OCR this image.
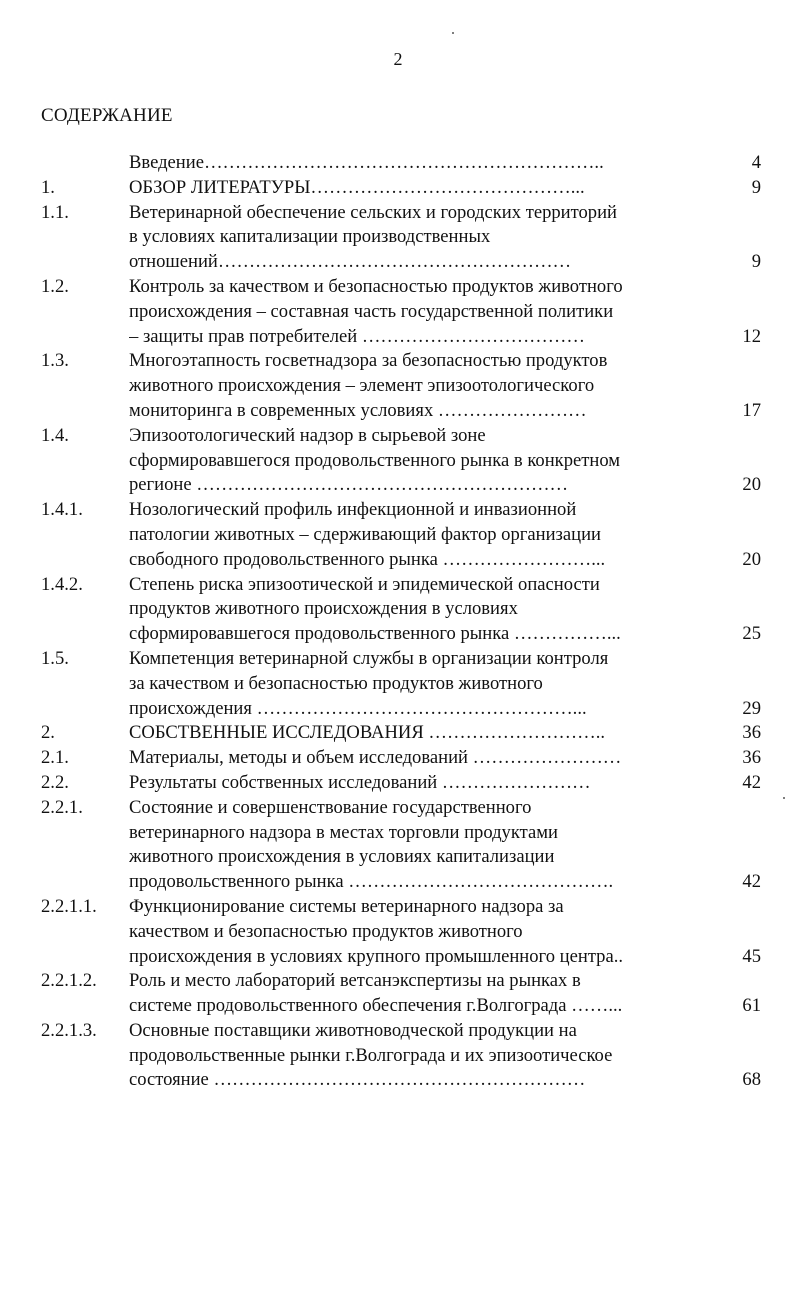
2
СОДЕРЖАНИЕ
Введение………………………………………………………..	4
1.	ОБЗОР ЛИТЕРАТУРЫ……………………………………...	9
1.1.	Ветеринарной обеспечение сельских и городских территорий
в условиях капитализации производственных
отношений…………………………………………………	9
1.2.	Контроль за качеством и безопасностью продуктов животного
происхождения – составная часть государственной политики
– защиты прав потребителей ………………………………	12
1.3.	Многоэтапность госветнадзора за безопасностью продуктов
животного происхождения – элемент эпизоотологического
мониторинга в современных условиях ……………………	17
1.4.	Эпизоотологический надзор в сырьевой зоне
сформировавшегося продовольственного рынка в конкретном
регионе ……………………………………………………	20
1.4.1.	Нозологический профиль инфекционной и инвазионной
патологии животных – сдерживающий фактор организации
свободного продовольственного рынка ……………………...	20
1.4.2.	Степень риска эпизоотической и эпидемической опасности
продуктов животного происхождения в условиях
сформировавшегося продовольственного рынка ……………...	25
1.5.	Компетенция ветеринарной службы в организации контроля
за качеством и безопасностью продуктов животного
происхождения ……………………………………………...	29
2.	СОБСТВЕННЫЕ ИССЛЕДОВАНИЯ ………………………..	36
2.1.	Материалы, методы и объем исследований ……………………	36
2.2.	Результаты собственных исследований ……………………	42
2.2.1.	Состояние и совершенствование государственного
ветеринарного надзора в местах торговли продуктами
животного происхождения в условиях капитализации
продовольственного рынка …………………………………….	42
2.2.1.1.	Функционирование системы ветеринарного надзора за
качеством и безопасностью продуктов животного
происхождения в условиях крупного промышленного центра..	45
2.2.1.2.	Роль и место лабораторий ветсанэкспертизы на рынках в
системе продовольственного обеспечения г.Волгограда ……...	61
2.2.1.3.	Основные поставщики животноводческой продукции на
продовольственные рынки г.Волгограда и их эпизоотическое
состояние ……………………………………………………	68
